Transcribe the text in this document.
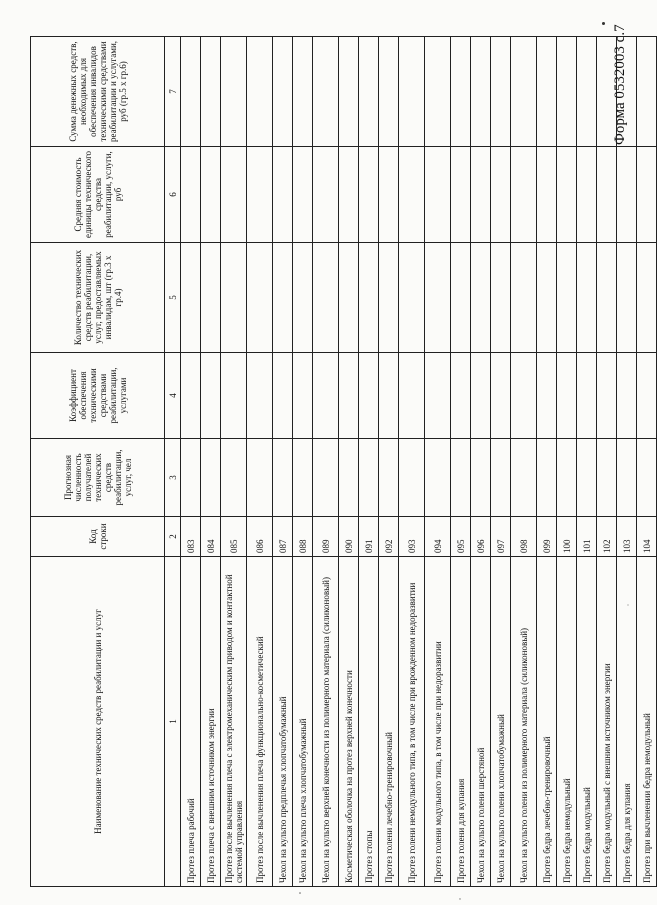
Форма 0532003 с.7
Наименование технических средств реабилитации и услуг	Код строки	Прогнозная численность получателей технических средств реабилитации, услуг, чел	Коэффициент обеспечения техническими средствами реабилитации, услугами	Количество технических средств реабилитации, услуг, предоставляемых инвалидам, шт (гр.3 x гр.4)	Средняя стоимость единицы технического средства реабилитации, услуги, руб	Сумма денежных средств, необходимых для обеспечения инвалидов техническими средствами реабилитации и услугами, руб (гр.5 x гр.6)
1	2	3	4	5	6	7
Протез плеча рабочий	083					
Протез плеча с внешним источником энергии	084					
Протез после вычленения плеча с электромеханическим приводом и контактной системой управления	085					
Протез после вычленения плеча функционально-косметический	086					
Чехол на культю предплечья хлопчатобумажный	087					
Чехол на культю плеча хлопчатобумажный	088					
Чехол на культю верхней конечности из полимерного материала (силиконовый)	089					
Косметическая оболочка на протез верхней конечности	090					
Протез стопы	091					
Протез голени лечебно-тренировочный	092					
Протез голени немодульного типа, в том числе при врожденном недоразвитии	093					
Протез голени модульного типа, в том числе при недоразвитии	094					
Протез голени для купания	095					
Чехол на культю голени шерстяной	096					
Чехол на культю голени хлопчатобумажный	097					
Чехол на культю голени из полимерного материала (силиконовый)	098					
Протез бедра лечебно-тренировочный	099					
Протез бедра немодульный	100					
Протез бедра модульный	101					
Протез бедра модульный с внешним источником энергии	102					
Протез бедра для купания	103					
Протез при вычленении бедра немодульный	104					
